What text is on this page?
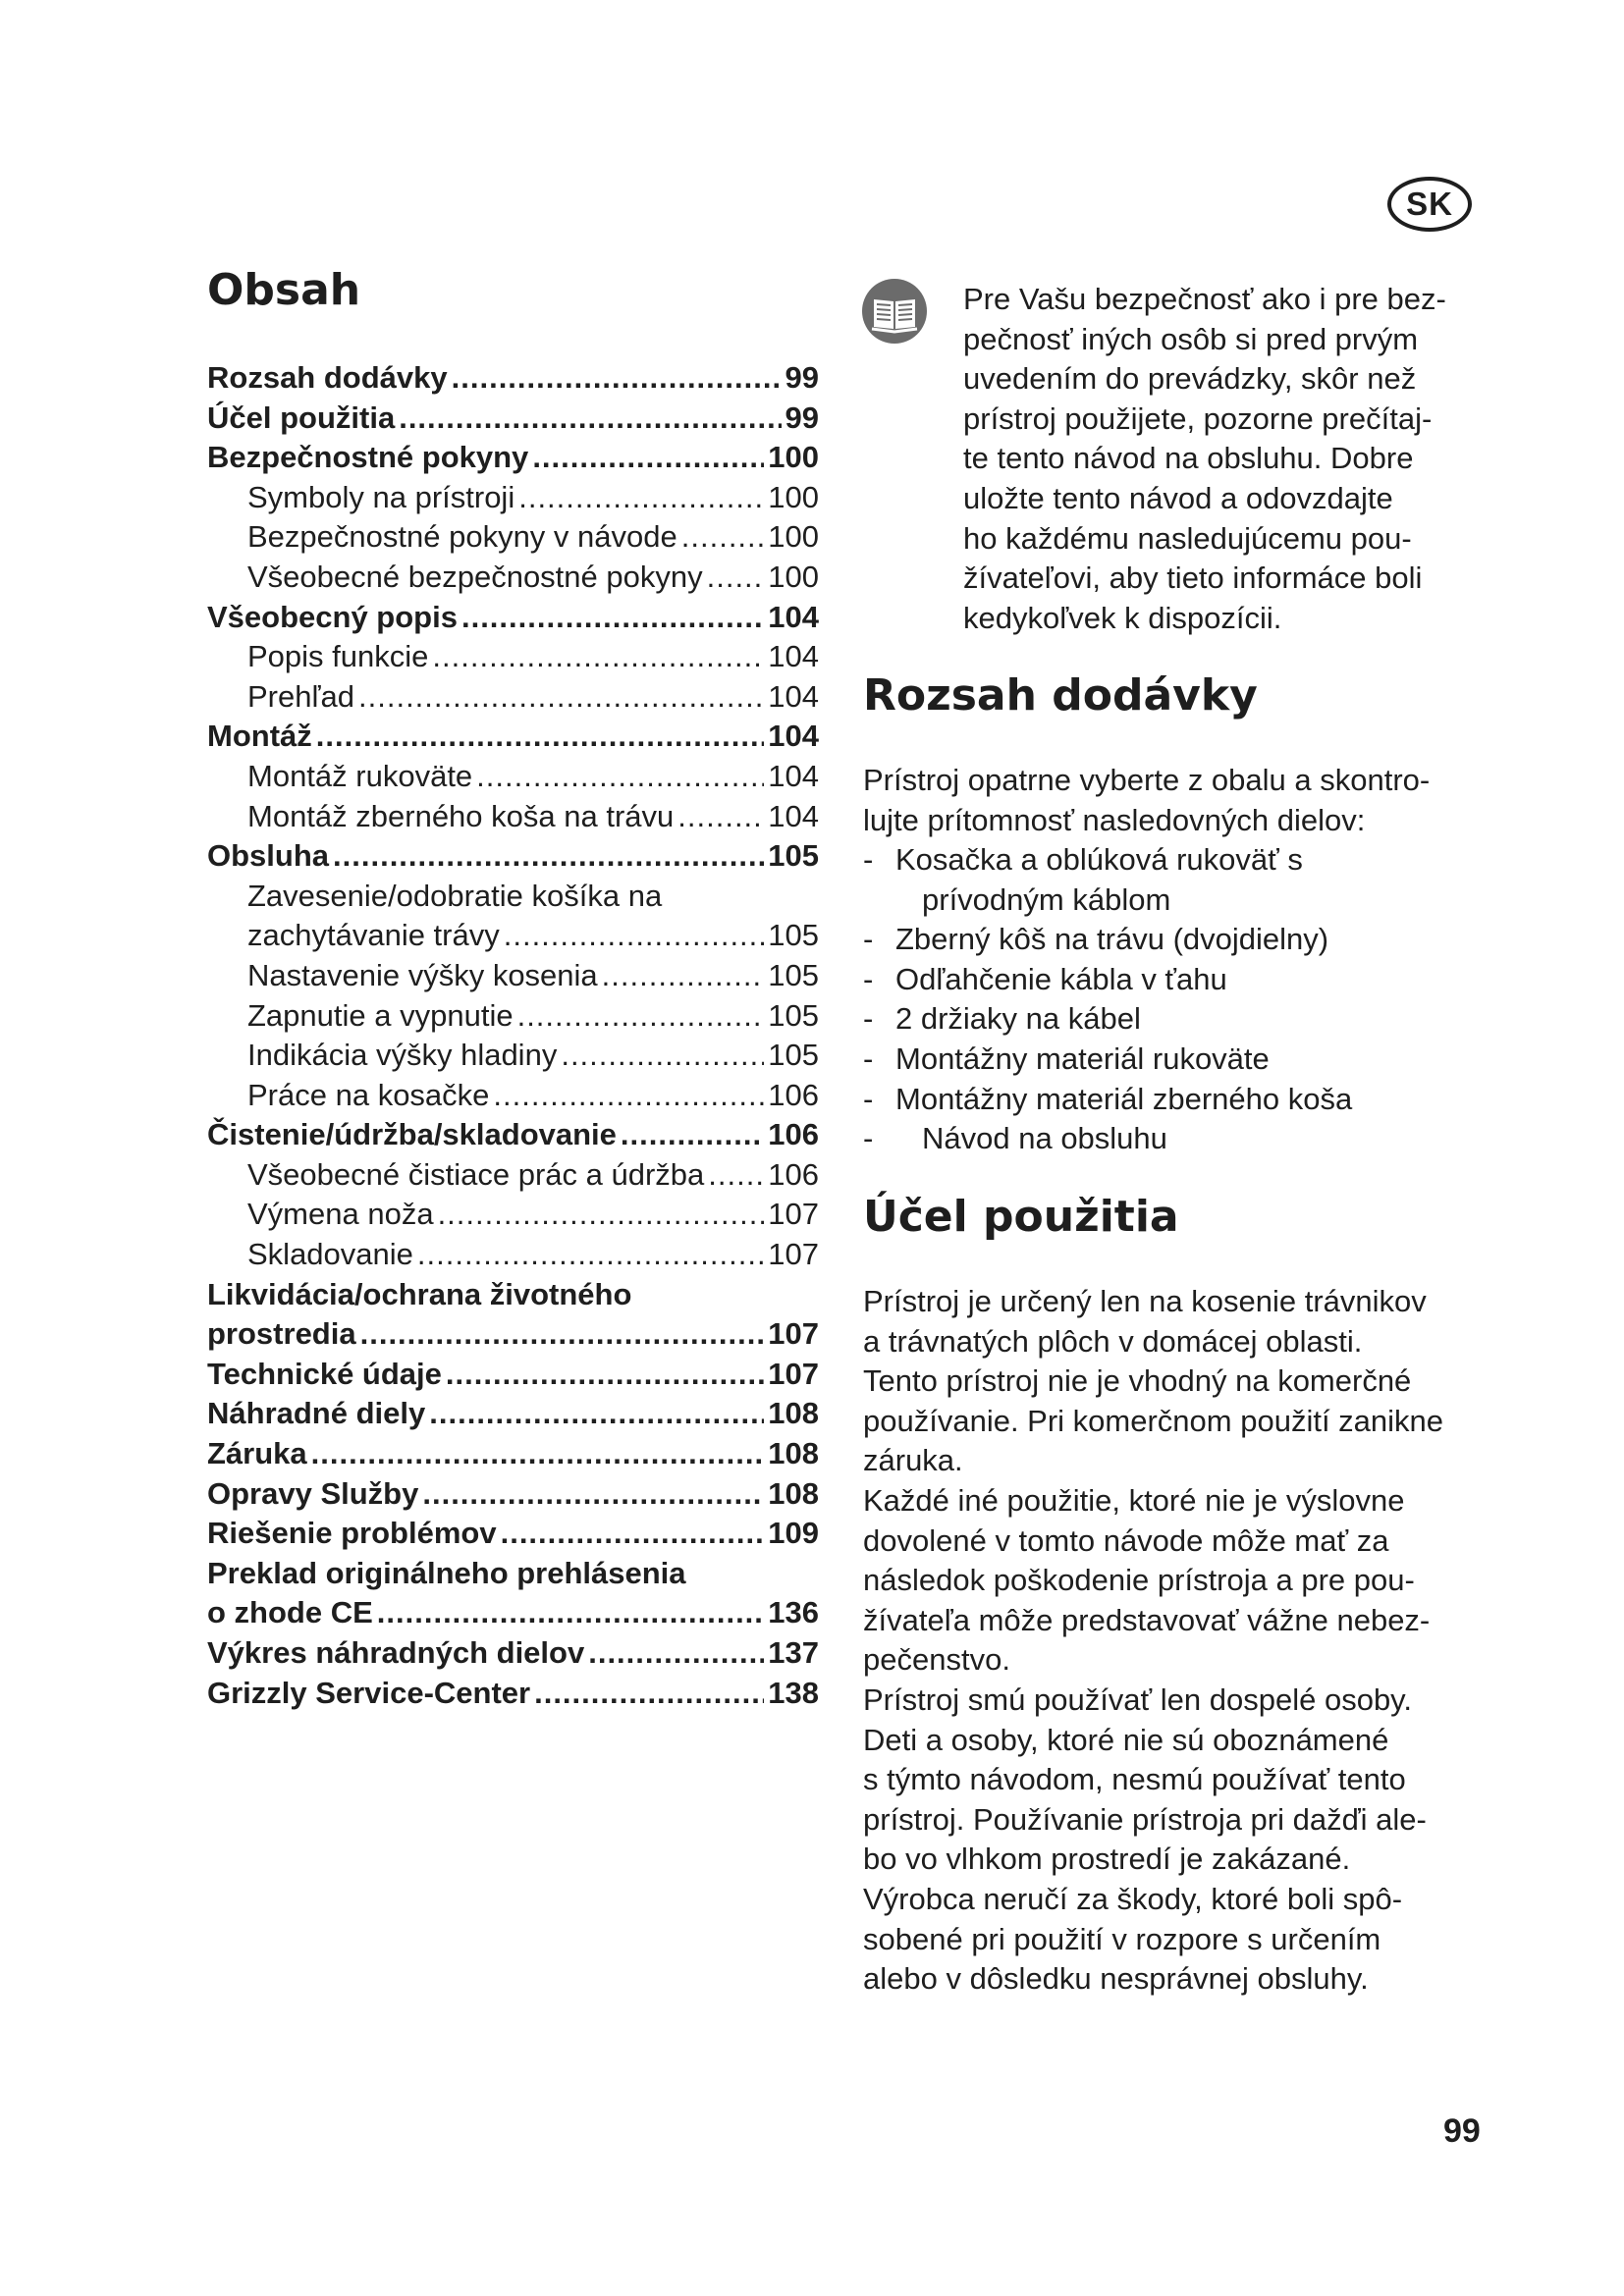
SK
Obsah
Rozsah dodávky .....	99
Účel použitia .....	99
Bezpečnostné pokyny .....	100
Symboly na prístroji .....	100
Bezpečnostné pokyny v návode .....	100
Všeobecné bezpečnostné pokyny ..... 100
Všeobecný popis .....	104
Popis funkcie .....	104
Prehľad .....	104
Montáž .....	104
Montáž rukoväte .....	104
Montáž zberného koša na trávu .....	104
Obsluha .....	105
Zavesenie/odobratie košíka na
zachytávanie trávy .....	105
Nastavenie výšky kosenia .....	105
Zapnutie a vypnutie .....	105
Indikácia výšky hladiny .....	105
Práce na kosačke .....	106
Čistenie/údržba/skladovanie .....	106
Všeobecné čistiace prác a údržba ..... 106
Výmena noža .....	107
Skladovanie .....	107
Likvidácia/ochrana životného
prostredia .....	107
Technické údaje .....	107
Náhradné diely .....	108
Záruka .....	108
Opravy Služby .....	108
Riešenie problémov .....	109
Preklad originálneho prehlásenia
o zhode CE .....	136
Výkres náhradných dielov .....	137
Grizzly Service-Center .....	138

Pre Vašu bezpečnosť ako i pre bez-
pečnosť iných osôb si pred prvým
uvedením do prevádzky, skôr než
prístroj použijete, pozorne prečítaj-
te tento návod na obsluhu. Dobre
uložte tento návod a odovzdajte
ho každému nasledujúcemu pou-
žívateľovi, aby tieto informáce boli
kedykoľvek k dispozícii.

Rozsah dodávky

Prístroj opatrne vyberte z obalu a skontro-
lujte prítomnosť nasledovných dielov:

- Kosačka a oblúková rukoväť s
prívodným káblom
- Zberný kôš na trávu (dvojdielny)
- Odľahčenie kábla v ťahu
- 2 držiaky na kábel
- Montážny materiál rukoväte
- Montážny materiál zberného koša
-	Návod na obsluhu
Účel použitia

Prístroj je určený len na kosenie trávnikov
a trávnatých plôch v domácej oblasti.
Tento prístroj nie je vhodný na komerčné
používanie. Pri komerčnom použití zanikne
záruka.
Každé iné použitie, ktoré nie je výslovne
dovolené v tomto návode môže mať za
následok poškodenie prístroja a pre pou-
žívateľa môže predstavovať vážne nebez-
pečenstvo.
Prístroj smú používať len dospelé osoby.
Deti a osoby, ktoré nie sú oboznámené
s týmto návodom, nesmú používať tento
prístroj. Používanie prístroja pri dažďi ale-
bo vo vlhkom prostredí je zakázané.
Výrobca neručí za škody, ktoré boli spô-
sobené pri použití v rozpore s určením
alebo v dôsledku nesprávnej obsluhy.

99
